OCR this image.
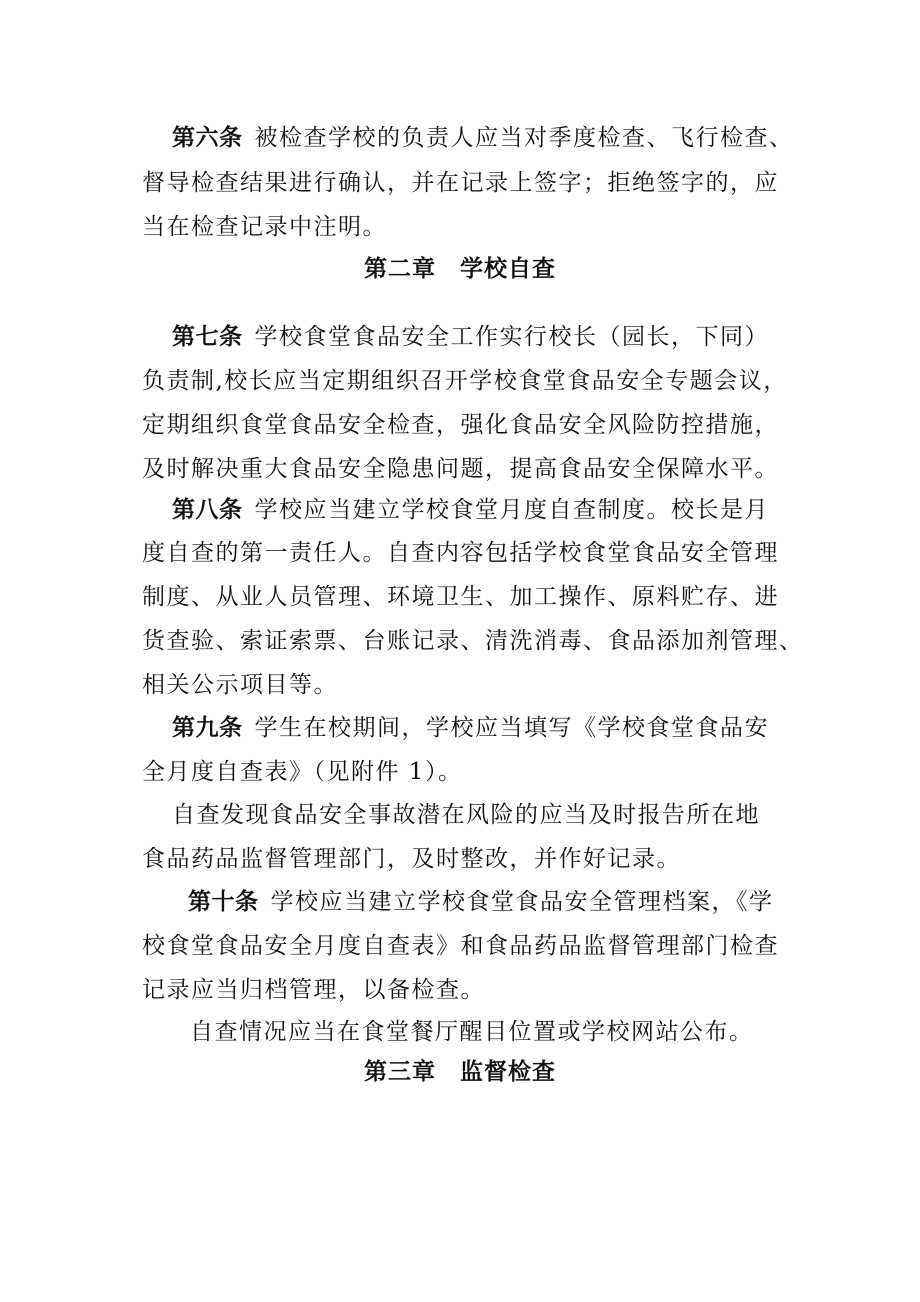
第六条 被检查学校的负责人应当对季度检查、飞行检查、
督导检查结果进行确认，并在记录上签字；拒绝签字的，应
当在检查记录中注明。
第二章　学校自查
第七条 学校食堂食品安全工作实行校长（园长，下同）
负责制,校长应当定期组织召开学校食堂食品安全专题会议，
定期组织食堂食品安全检查，强化食品安全风险防控措施，
及时解决重大食品安全隐患问题，提高食品安全保障水平。
第八条 学校应当建立学校食堂月度自查制度。校长是月
度自查的第一责任人。自查内容包括学校食堂食品安全管理
制度、从业人员管理、环境卫生、加工操作、原料贮存、进
货查验、索证索票、台账记录、清洗消毒、食品添加剂管理、
相关公示项目等。
第九条 学生在校期间，学校应当填写《学校食堂食品安
全月度自查表》（见附件 1）。
自查发现食品安全事故潜在风险的应当及时报告所在地
食品药品监督管理部门，及时整改，并作好记录。
第十条 学校应当建立学校食堂食品安全管理档案，《学
校食堂食品安全月度自查表》和食品药品监督管理部门检查
记录应当归档管理，以备检查。
自查情况应当在食堂餐厅醒目位置或学校网站公布。
第三章　监督检查
